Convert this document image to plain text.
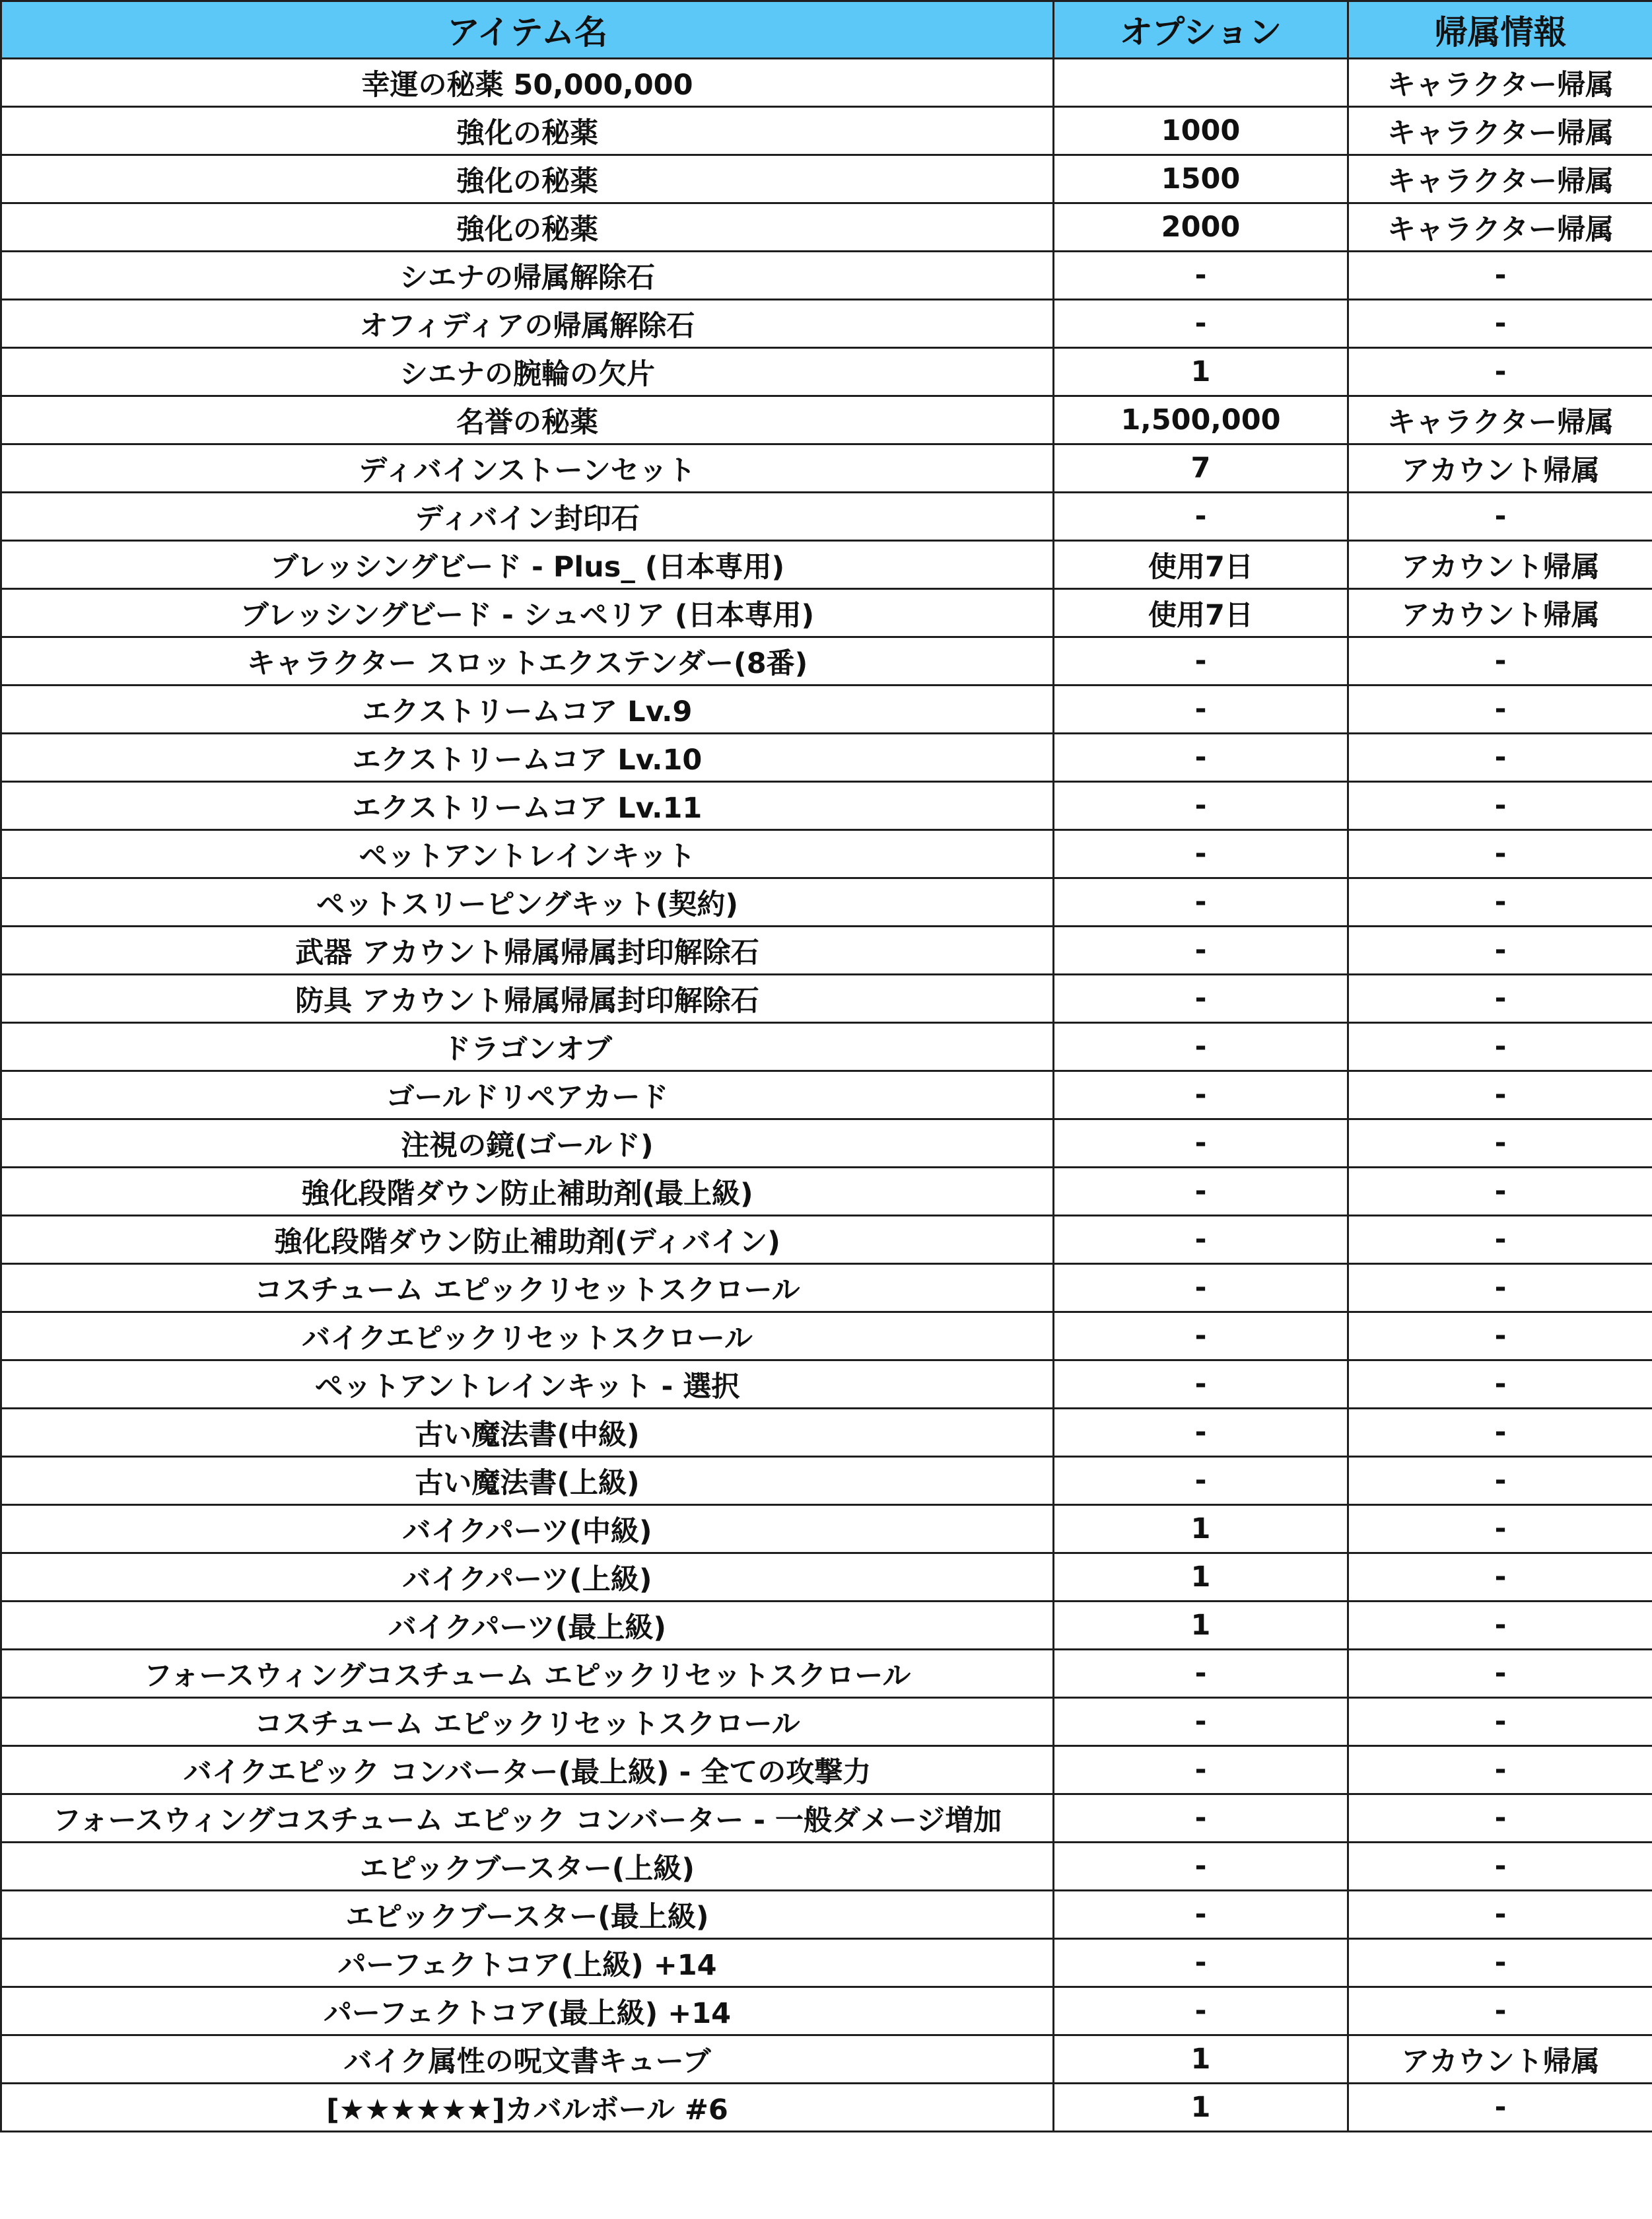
アイテム名	オプション	帰属情報
幸運の秘薬 50,000,000		キャラクター帰属
強化の秘薬	1000	キャラクター帰属
強化の秘薬	1500	キャラクター帰属
強化の秘薬	2000	キャラクター帰属
シエナの帰属解除石	-	-
オフィディアの帰属解除石	-	-
シエナの腕輪の欠片	1	-
名誉の秘薬	1,500,000	キャラクター帰属
ディバインストーンセット	7	アカウント帰属
ディバイン封印石	-	-
ブレッシングビード - Plus_ (日本専用)	使用7日	アカウント帰属
ブレッシングビード - シュペリア (日本専用)	使用7日	アカウント帰属
キャラクター スロットエクステンダー(8番)	-	-
エクストリームコア Lv.9	-	-
エクストリームコア Lv.10	-	-
エクストリームコア Lv.11	-	-
ペットアントレインキット	-	-
ペットスリーピングキット(契約)	-	-
武器 アカウント帰属帰属封印解除石	-	-
防具 アカウント帰属帰属封印解除石	-	-
ドラゴンオブ	-	-
ゴールドリペアカード	-	-
注視の鏡(ゴールド)	-	-
強化段階ダウン防止補助剤(最上級)	-	-
強化段階ダウン防止補助剤(ディバイン)	-	-
コスチューム エピックリセットスクロール	-	-
バイクエピックリセットスクロール	-	-
ペットアントレインキット - 選択	-	-
古い魔法書(中級)	-	-
古い魔法書(上級)	-	-
バイクパーツ(中級)	1	-
バイクパーツ(上級)	1	-
バイクパーツ(最上級)	1	-
フォースウィングコスチューム エピックリセットスクロール	-	-
コスチューム エピックリセットスクロール	-	-
バイクエピック コンバーター(最上級) - 全ての攻撃力	-	-
フォースウィングコスチューム エピック コンバーター - 一般ダメージ増加	-	-
エピックブースター(上級)	-	-
エピックブースター(最上級)	-	-
パーフェクトコア(上級) +14	-	-
パーフェクトコア(最上級) +14	-	-
バイク属性の呪文書キューブ	1	アカウント帰属
[★★★★★★]カバルボール #6	1	-
